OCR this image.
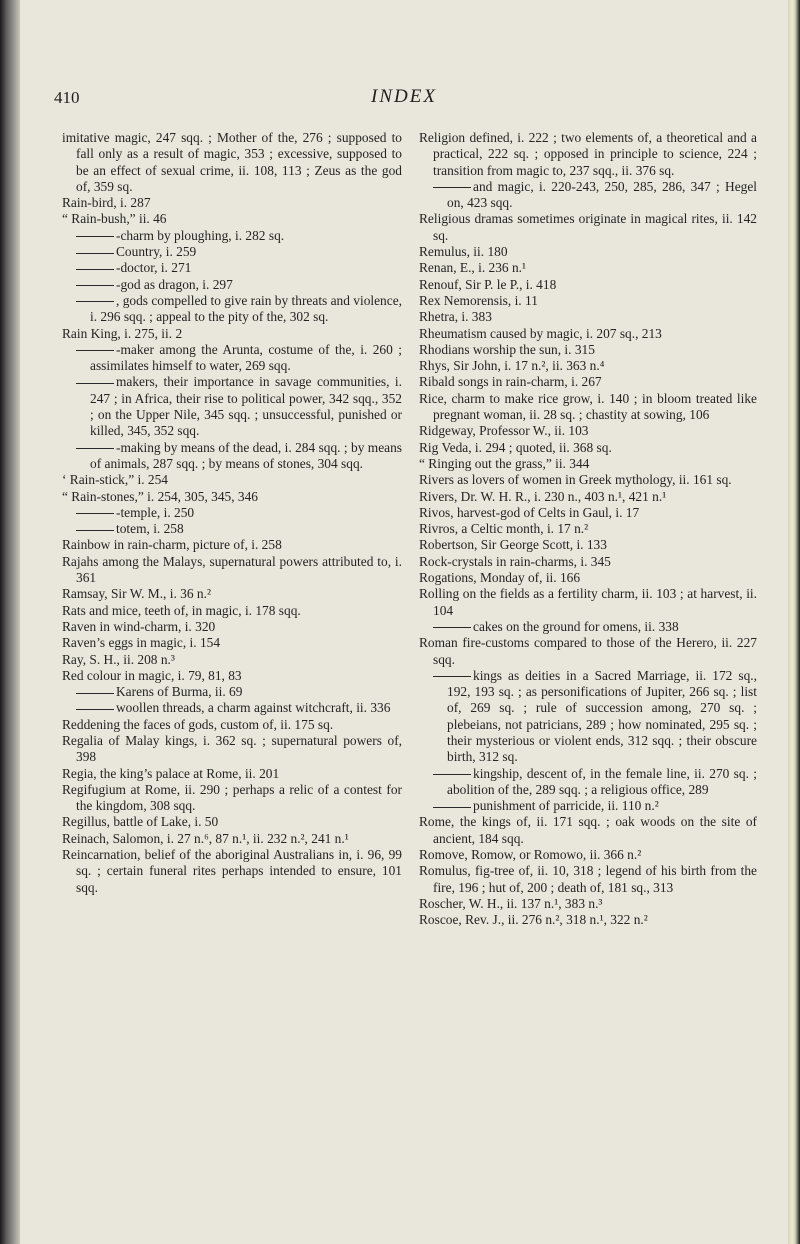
410	INDEX

imitative magic, 247 sqq. ; Mother of the, 276 ; supposed to fall only as a result of magic, 353 ; excessive, supposed to be an effect of sexual crime, ii. 108, 113 ; Zeus as the god of, 359 sq.

Rain-bird, i. 287

“ Rain-bush,” ii. 46

-charm by ploughing, i. 282 sq.

Country, i. 259

-doctor, i. 271

-god as dragon, i. 297

, gods compelled to give rain by threats and violence, i. 296 sqq. ; appeal to the pity of the, 302 sq.

Rain King, i. 275, ii. 2

-maker among the Arunta, costume of the, i. 260 ; assimilates himself to water, 269 sqq.

makers, their importance in savage communities, i. 247 ; in Africa, their rise to political power, 342 sqq., 352 ; on the Upper Nile, 345 sqq. ; unsuccessful, punished or killed, 345, 352 sqq.

-making by means of the dead, i. 284 sqq. ; by means of animals, 287 sqq. ; by means of stones, 304 sqq.

‘ Rain-stick,” i. 254

“ Rain-stones,” i. 254, 305, 345, 346

-temple, i. 250

totem, i. 258

Rainbow in rain-charm, picture of, i. 258

Rajahs among the Malays, supernatural powers attributed to, i. 361

Ramsay, Sir W. M., i. 36 n.²

Rats and mice, teeth of, in magic, i. 178 sqq.

Raven in wind-charm, i. 320

Raven’s eggs in magic, i. 154

Ray, S. H., ii. 208 n.³

Red colour in magic, i. 79, 81, 83

Karens of Burma, ii. 69

woollen threads, a charm against witchcraft, ii. 336

Reddening the faces of gods, custom of, ii. 175 sq.

Regalia of Malay kings, i. 362 sq. ; supernatural powers of, 398

Regia, the king’s palace at Rome, ii. 201

Regifugium at Rome, ii. 290 ; perhaps a relic of a contest for the kingdom, 308 sqq.

Regillus, battle of Lake, i. 50

Reinach, Salomon, i. 27 n.⁶, 87 n.¹, ii. 232 n.², 241 n.¹

Reincarnation, belief of the aboriginal Australians in, i. 96, 99 sq. ; certain funeral rites perhaps intended to ensure, 101 sqq.

Religion defined, i. 222 ; two elements of, a theoretical and a practical, 222 sq. ; opposed in principle to science, 224 ; transition from magic to, 237 sqq., ii. 376 sq.

and magic, i. 220-243, 250, 285, 286, 347 ; Hegel on, 423 sqq.

Religious dramas sometimes originate in magical rites, ii. 142 sq.

Remulus, ii. 180

Renan, E., i. 236 n.¹

Renouf, Sir P. le P., i. 418

Rex Nemorensis, i. 11

Rhetra, i. 383

Rheumatism caused by magic, i. 207 sq., 213

Rhodians worship the sun, i. 315

Rhys, Sir John, i. 17 n.², ii. 363 n.⁴

Ribald songs in rain-charm, i. 267

Rice, charm to make rice grow, i. 140 ; in bloom treated like pregnant woman, ii. 28 sq. ; chastity at sowing, 106

Ridgeway, Professor W., ii. 103

Rig Veda, i. 294 ; quoted, ii. 368 sq.

“ Ringing out the grass,” ii. 344

Rivers as lovers of women in Greek mythology, ii. 161 sq.

Rivers, Dr. W. H. R., i. 230 n., 403 n.¹, 421 n.¹

Rivos, harvest-god of Celts in Gaul, i. 17

Rivros, a Celtic month, i. 17 n.²

Robertson, Sir George Scott, i. 133

Rock-crystals in rain-charms, i. 345

Rogations, Monday of, ii. 166

Rolling on the fields as a fertility charm, ii. 103 ; at harvest, ii. 104

cakes on the ground for omens, ii. 338

Roman fire-customs compared to those of the Herero, ii. 227 sqq.

kings as deities in a Sacred Marriage, ii. 172 sq., 192, 193 sq. ; as personifications of Jupiter, 266 sq. ; list of, 269 sq. ; rule of succession among, 270 sq. ; plebeians, not patricians, 289 ; how nominated, 295 sq. ; their mysterious or violent ends, 312 sqq. ; their obscure birth, 312 sq.

kingship, descent of, in the female line, ii. 270 sq. ; abolition of the, 289 sqq. ; a religious office, 289

punishment of parricide, ii. 110 n.²

Rome, the kings of, ii. 171 sqq. ; oak woods on the site of ancient, 184 sqq.

Romove, Romow, or Romowo, ii. 366 n.²

Romulus, fig-tree of, ii. 10, 318 ; legend of his birth from the fire, 196 ; hut of, 200 ; death of, 181 sq., 313

Roscher, W. H., ii. 137 n.¹, 383 n.³

Roscoe, Rev. J., ii. 276 n.², 318 n.¹, 322 n.²
